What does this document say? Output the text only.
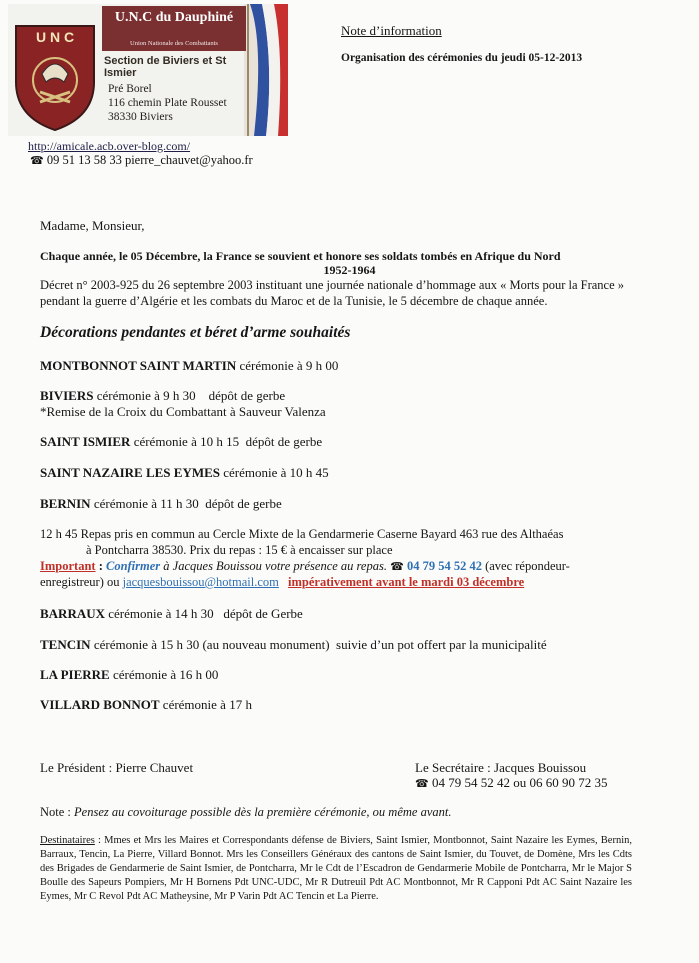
U N C
U.N.C du Dauphiné
Union Nationale des Combattants
Section de Biviers et St Ismier
Pré Borel
116 chemin Plate Rousset
38330 Biviers
http://amicale.acb.over-blog.com/
☎ 09 51 13 58 33 pierre_chauvet@yahoo.fr
Note d’information
Organisation des cérémonies du jeudi 05-12-2013
Madame, Monsieur,
Chaque année, le 05 Décembre, la France se souvient et honore ses soldats tombés en Afrique du Nord
1952-1964
Décret n° 2003-925 du 26 septembre 2003 instituant une journée nationale d’hommage aux « Morts pour la France »
pendant la guerre d’Algérie et les combats du Maroc et de la Tunisie, le 5 décembre de chaque année.
Décorations pendantes et béret d’arme souhaités
MONTBONNOT SAINT MARTIN cérémonie à 9 h 00
BIVIERS cérémonie à 9 h 30    dépôt de gerbe
*Remise de la Croix du Combattant à Sauveur Valenza
SAINT ISMIER cérémonie à 10 h 15  dépôt de gerbe
SAINT NAZAIRE LES EYMES cérémonie à 10 h 45
BERNIN cérémonie à 11 h 30  dépôt de gerbe
12 h 45 Repas pris en commun au Cercle Mixte de la Gendarmerie Caserne Bayard 463 rue des Althaéas
à Pontcharra 38530. Prix du repas : 15 € à encaisser sur place
Important : Confirmer à Jacques Bouissou votre présence au repas. ☎ 04 79 54 52 42 (avec répondeur-
enregistreur) ou jacquesbouissou@hotmail.com impérativement avant le mardi 03 décembre
BARRAUX cérémonie à 14 h 30   dépôt de Gerbe
TENCIN cérémonie à 15 h 30 (au nouveau monument)  suivie d’un pot offert par la municipalité
LA PIERRE cérémonie à 16 h 00
VILLARD BONNOT cérémonie à 17 h
Le Président : Pierre Chauvet	Le Secrétaire : Jacques Bouissou
☎ 04 79 54 52 42 ou 06 60 90 72 35
Note : Pensez au covoiturage possible dès la première cérémonie, ou même avant.
Destinataires : Mmes et Mrs les Maires et Correspondants défense de Biviers, Saint Ismier, Montbonnot, Saint Nazaire les Eymes, Bernin, Barraux, Tencin, La Pierre, Villard Bonnot. Mrs les Conseillers Généraux des cantons de Saint Ismier, du Touvet, de Domène, Mrs les Cdts des Brigades de Gendarmerie de Saint Ismier, de Pontcharra, Mr le Cdt de l’Escadron de Gendarmerie Mobile de Pontcharra, Mr le Major S Boulle des Sapeurs Pompiers, Mr H Bornens Pdt UNC-UDC, Mr R Dutreuil Pdt AC Montbonnot, Mr R Capponi Pdt AC Saint Nazaire les Eymes, Mr C Revol Pdt AC Matheysine, Mr P Varin Pdt AC Tencin et La Pierre.
